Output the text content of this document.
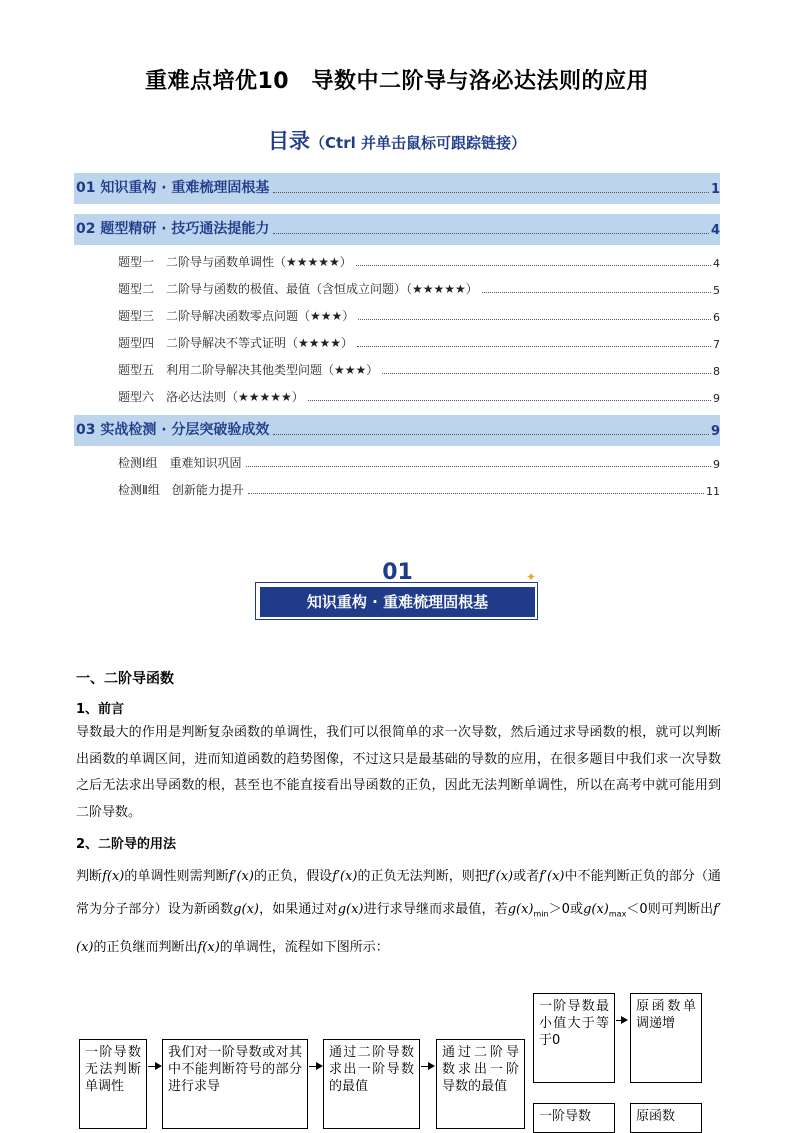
重难点培优10　导数中二阶导与洛必达法则的应用
目录（Ctrl 并单击鼠标可跟踪链接）
01 知识重构 · 重难梳理固根基	1
02 题型精研 · 技巧通法提能力	4
题型一　二阶导与函数单调性（★★★★★）	4
题型二　二阶导与函数的极值、最值（含恒成立问题）（★★★★★）	5
题型三　二阶导解决函数零点问题（★★★）	6
题型四　二阶导解决不等式证明（★★★★）	7
题型五　利用二阶导解决其他类型问题（★★★）	8
题型六　洛必达法则（★★★★★）	9
03 实战检测 · 分层突破验成效	9
检测Ⅰ组　重难知识巩固	9
检测Ⅱ组　创新能力提升	11
01
知识重构 · 重难梳理固根基
✦
一、二阶导函数
1、前言
导数最大的作用是判断复杂函数的单调性，我们可以很简单的求一次导数，然后通过求导函数的根，就可以判断出函数的单调区间，进而知道函数的趋势图像，不过这只是最基础的导数的应用，在很多题目中我们求一次导数之后无法求出导函数的根，甚至也不能直接看出导函数的正负，因此无法判断单调性，所以在高考中就可能用到二阶导数。
2、二阶导的用法
判断f(x)的单调性则需判断f′(x)的正负，假设f′(x)的正负无法判断，则把f′(x)或者f′(x)中不能判断正负的部分（通常为分子部分）设为新函数g(x)，如果通过对g(x)进行求导继而求最值，若$g(x)_{min}>0$或$g(x)_{max}<0$则可判断出f′(x)的正负继而判断出f(x)的单调性，流程如下图所示：
一阶导数无法判断单调性
我们对一阶导数或对其中不能判断符号的部分进行求导
通过二阶导数求出一阶导数的最值
通过二阶导数求出一阶导数的最值
一阶导数最小值大于等于0
原函数单调递增
一阶导数	原函数
